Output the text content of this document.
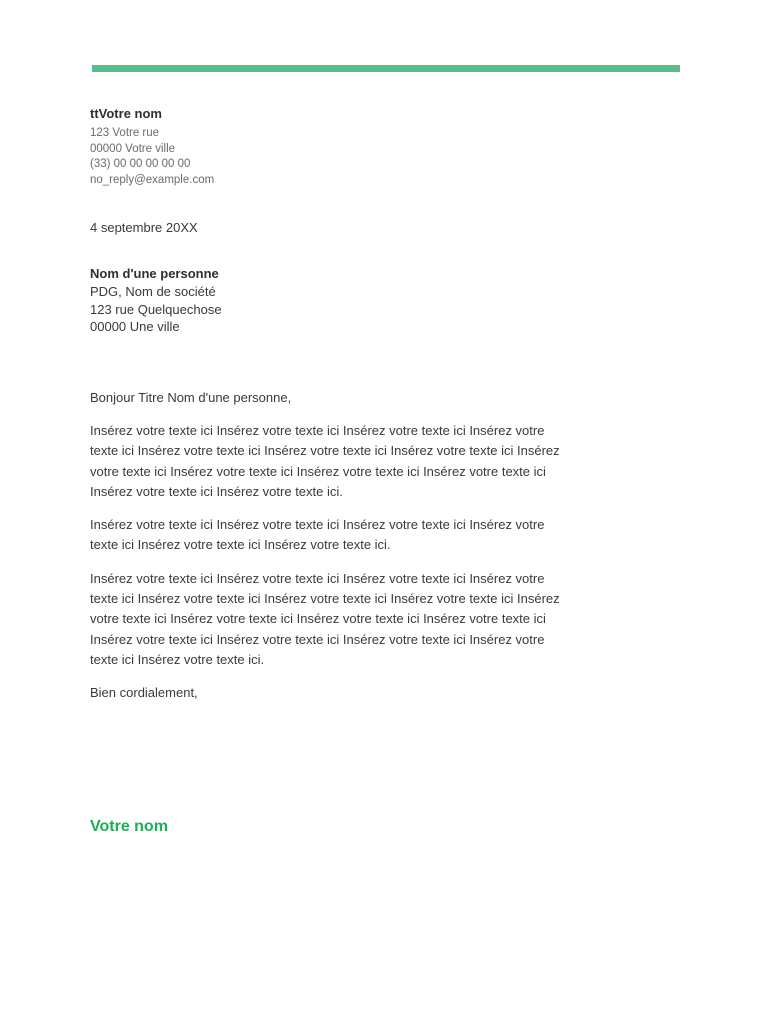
ttVotre nom
123 Votre rue
00000 Votre ville
(33) 00 00 00 00 00
no_reply@example.com
4 septembre 20XX
Nom d'une personne
PDG, Nom de société
123 rue Quelquechose
00000 Une ville

Bonjour Titre Nom d'une personne,

Insérez votre texte ici Insérez votre texte ici Insérez votre texte ici Insérez votre texte ici Insérez votre texte ici Insérez votre texte ici Insérez votre texte ici Insérez votre texte ici Insérez votre texte ici Insérez votre texte ici Insérez votre texte ici Insérez votre texte ici Insérez votre texte ici.

Insérez votre texte ici Insérez votre texte ici Insérez votre texte ici Insérez votre texte ici Insérez votre texte ici Insérez votre texte ici.

Insérez votre texte ici Insérez votre texte ici Insérez votre texte ici Insérez votre texte ici Insérez votre texte ici Insérez votre texte ici Insérez votre texte ici Insérez votre texte ici Insérez votre texte ici Insérez votre texte ici Insérez votre texte ici Insérez votre texte ici Insérez votre texte ici Insérez votre texte ici Insérez votre texte ici Insérez votre texte ici.

Bien cordialement,

Votre nom
